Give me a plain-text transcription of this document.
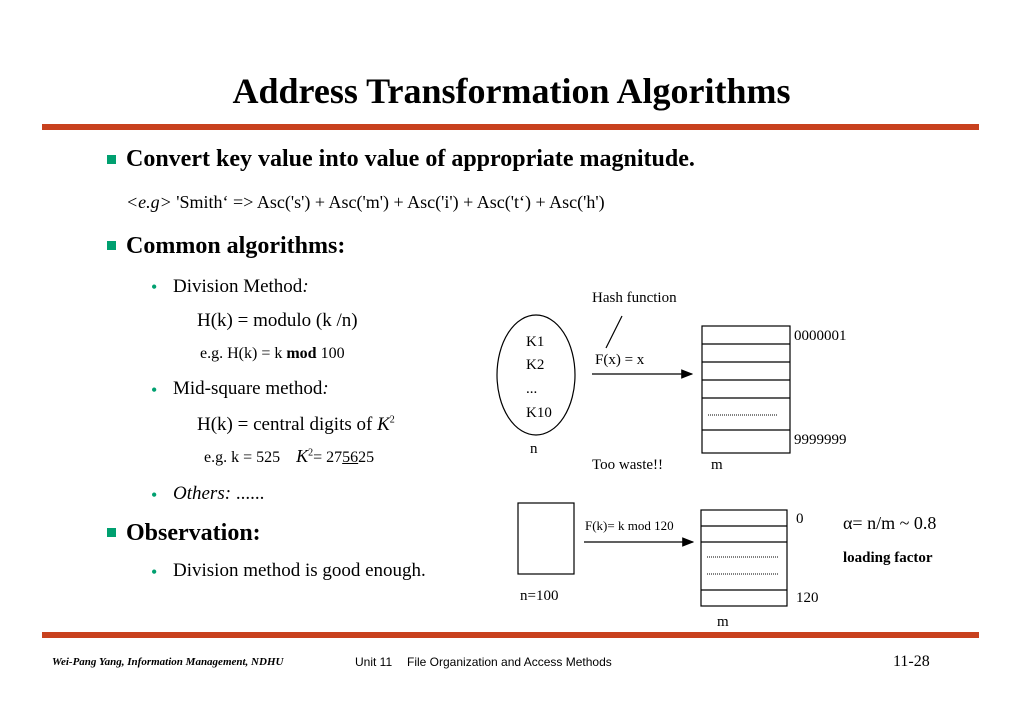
Address Transformation Algorithms
Convert key value into value of appropriate magnitude.
<e.g> 'Smith‘ => Asc('s') + Asc('m') + Asc('i') + Asc('t‘) + Asc('h')
Common algorithms:
• Division Method:
H(k) = modulo (k /n)
e.g. H(k) = k mod 100
• Mid-square method:
H(k) = central digits of $K^2$
e.g. k = 525 $K^2= 275625$
• Others: ......
Observation:
• Division method is good enough.
K1
K2
...
K10
n
Hash function
F(x) = x
0000001
9999999
Too waste!!	m
F(k)= k mod 120
n=100
0
120
m
α= n/m ~ 0.8
loading factor
Wei-Pang Yang, Information Management, NDHU	Unit 11 File Organization and Access Methods	11-28
